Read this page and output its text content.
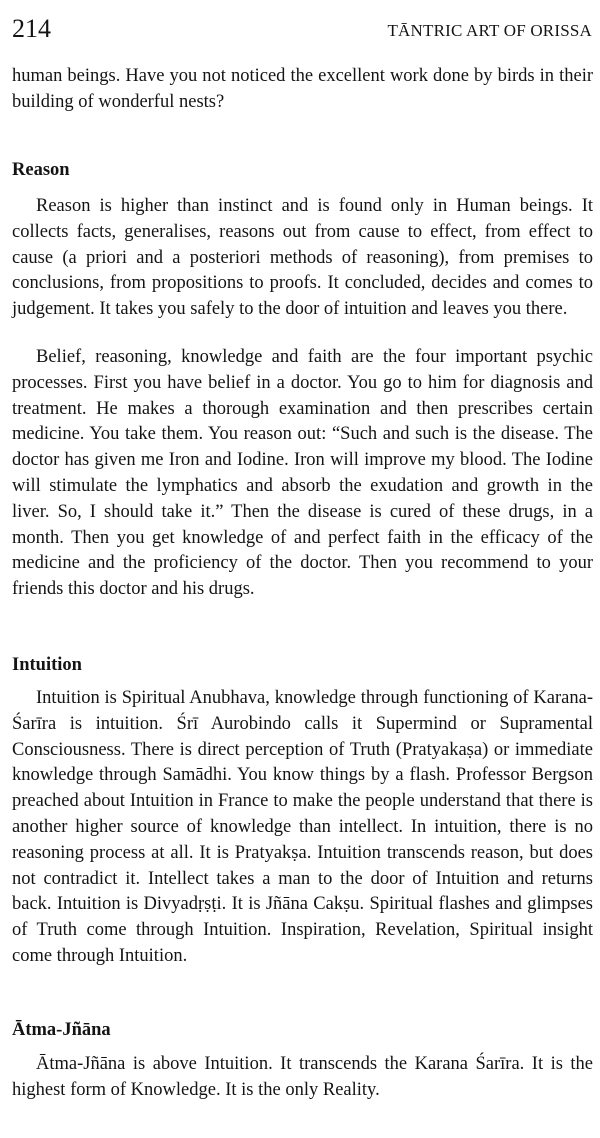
214	TĀNTRIC ART OF ORISSA

human beings. Have you not noticed the excellent work done by birds in their building of wonderful nests?

Reason

Reason is higher than instinct and is found only in Human beings. It collects facts, generalises, reasons out from cause to effect, from effect to cause (a priori and a posteriori methods of reasoning), from premises to conclusions, from propositions to proofs. It concluded, decides and comes to judgement. It takes you safely to the door of intuition and leaves you there.

Belief, reasoning, knowledge and faith are the four important psychic processes. First you have belief in a doctor. You go to him for diagnosis and treatment. He makes a thorough examination and then prescribes certain medicine. You take them. You reason out: “Such and such is the disease. The doctor has given me Iron and Iodine. Iron will improve my blood. The Iodine will stimulate the lymphatics and absorb the exudation and growth in the liver. So, I should take it.” Then the disease is cured of these drugs, in a month. Then you get knowledge of and perfect faith in the efficacy of the medicine and the proficiency of the doctor. Then you recommend to your friends this doctor and his drugs.

Intuition

Intuition is Spiritual Anubhava, knowledge through functioning of Karana-Śarīra is intuition. Śrī Aurobindo calls it Supermind or Supramental Consciousness. There is direct perception of Truth (Pratyakaṣa) or immediate knowledge through Samādhi. You know things by a flash. Professor Bergson preached about Intuition in France to make the people understand that there is another higher source of knowledge than intellect. In intuition, there is no reasoning process at all. It is Pratyakṣa. Intuition transcends reason, but does not contradict it. Intellect takes a man to the door of Intuition and returns back. Intuition is Divyadṛṣṭi. It is Jñāna Cakṣu. Spiritual flashes and glimpses of Truth come through Intuition. Inspiration, Revelation, Spiritual insight come through Intuition.

Ātma-Jñāna

Ātma-Jñāna is above Intuition. It transcends the Karana Śarīra. It is the highest form of Knowledge. It is the only Reality.
